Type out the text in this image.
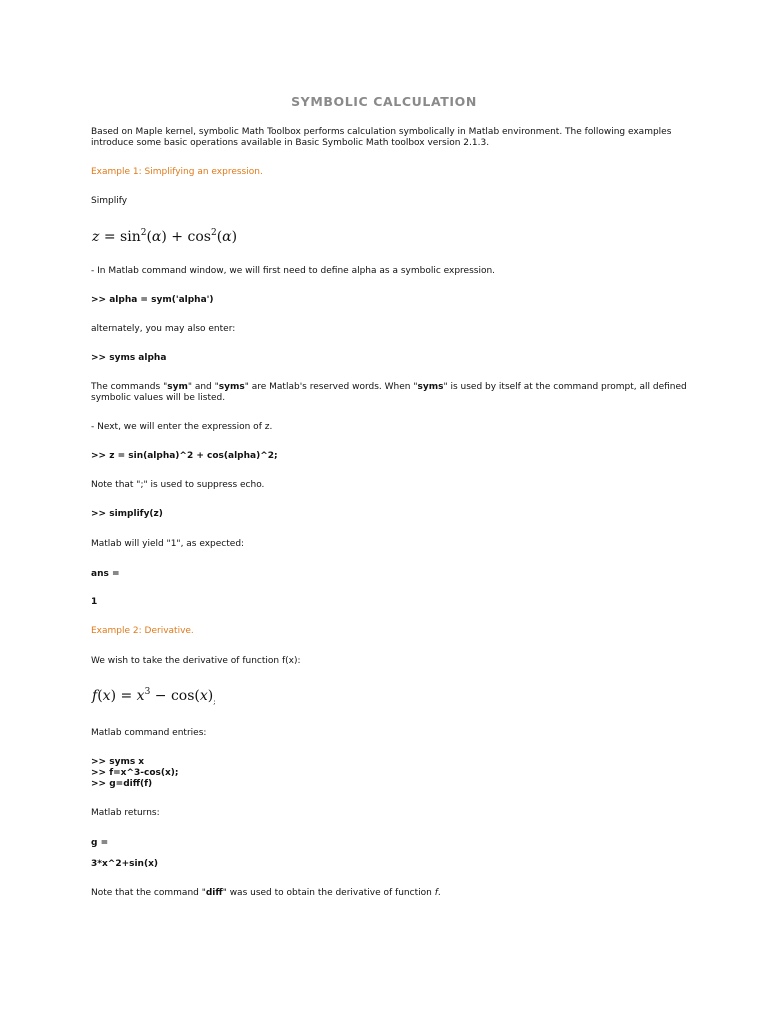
SYMBOLIC CALCULATION
Based on Maple kernel, symbolic Math Toolbox performs calculation symbolically in Matlab environment. The following examples
introduce some basic operations available in Basic Symbolic Math toolbox version 2.1.3.
Example 1: Simplifying an expression.
Simplify
$z = \sin^2(\alpha) + \cos^2(\alpha)$
- In Matlab command window, we will first need to define alpha as a symbolic expression.
>> alpha = sym('alpha')
alternately, you may also enter:
>> syms alpha
The commands "sym" and "syms" are Matlab's reserved words. When "syms" is used by itself at the command prompt, all defined
symbolic values will be listed.
- Next, we will enter the expression of z.
>> z = sin(alpha)^2 + cos(alpha)^2;
Note that ";" is used to suppress echo.
>> simplify(z)
Matlab will yield "1", as expected:
ans =
1
Example 2: Derivative.
We wish to take the derivative of function f(x):
$f(x) = x^3 - \cos(x)_;$
Matlab command entries:
>> syms x
>> f=x^3-cos(x);
>> g=diff(f)
Matlab returns:
g =
3*x^2+sin(x)
Note that the command "diff" was used to obtain the derivative of function f.
